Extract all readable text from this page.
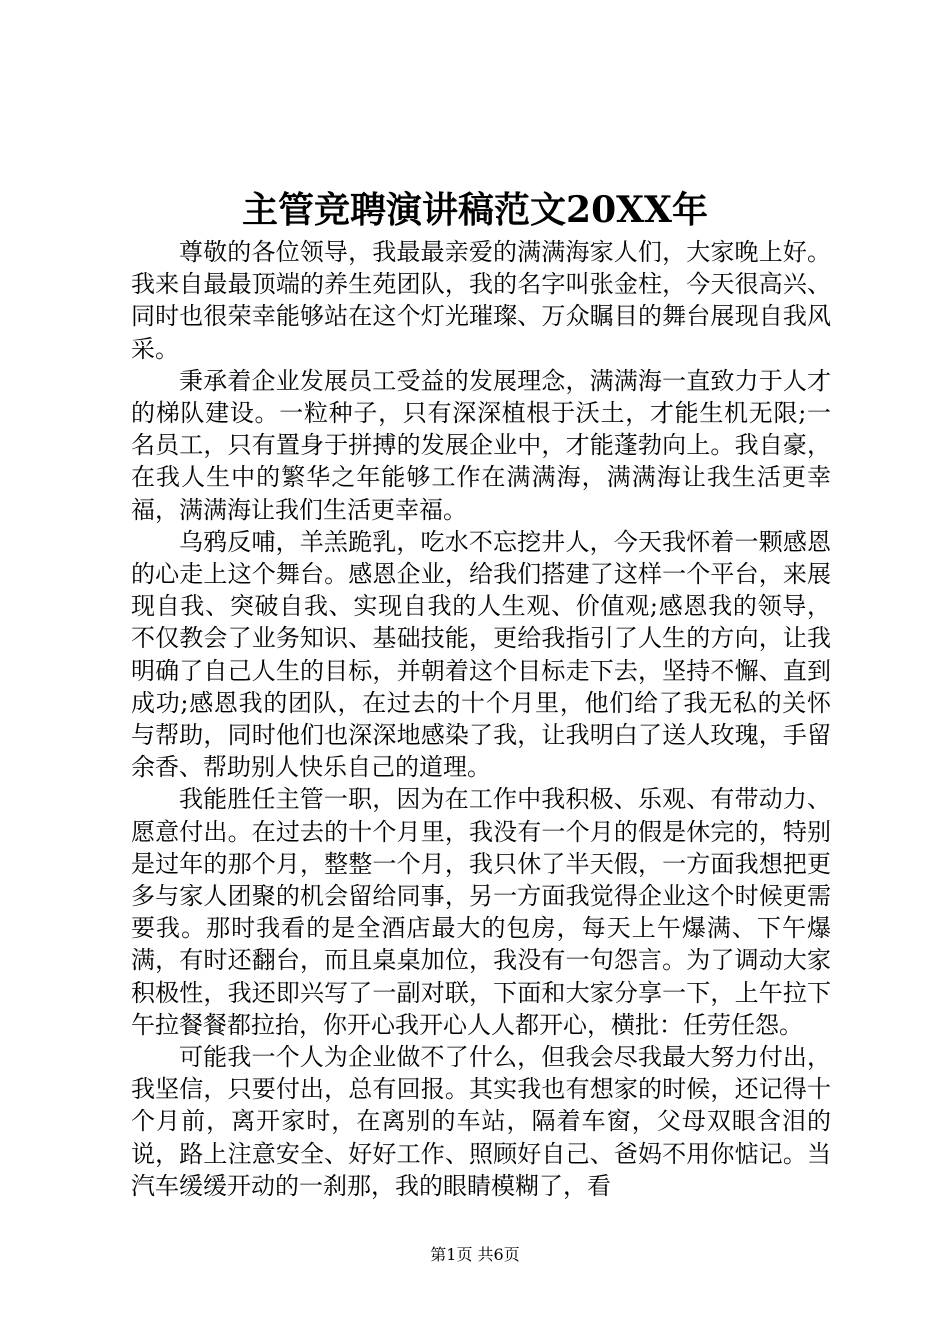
主管竞聘演讲稿范文20XX年

尊敬的各位领导，我最最亲爱的满满海家人们，大家晚上好。我来自最最顶端的养生苑团队，我的名字叫张金柱，今天很高兴、同时也很荣幸能够站在这个灯光璀璨、万众瞩目的舞台展现自我风采。

秉承着企业发展员工受益的发展理念，满满海一直致力于人才的梯队建设。一粒种子，只有深深植根于沃土，才能生机无限;一名员工，只有置身于拼搏的发展企业中，才能蓬勃向上。我自豪，在我人生中的繁华之年能够工作在满满海，满满海让我生活更幸福，满满海让我们生活更幸福。

乌鸦反哺，羊羔跪乳，吃水不忘挖井人，今天我怀着一颗感恩的心走上这个舞台。感恩企业，给我们搭建了这样一个平台，来展现自我、突破自我、实现自我的人生观、价值观;感恩我的领导，不仅教会了业务知识、基础技能，更给我指引了人生的方向，让我明确了自己人生的目标，并朝着这个目标走下去，坚持不懈、直到成功;感恩我的团队，在过去的十个月里，他们给了我无私的关怀与帮助，同时他们也深深地感染了我，让我明白了送人玫瑰，手留余香、帮助别人快乐自己的道理。

我能胜任主管一职，因为在工作中我积极、乐观、有带动力、愿意付出。在过去的十个月里，我没有一个月的假是休完的，特别是过年的那个月，整整一个月，我只休了半天假，一方面我想把更多与家人团聚的机会留给同事，另一方面我觉得企业这个时候更需要我。那时我看的是全酒店最大的包房，每天上午爆满、下午爆满，有时还翻台，而且桌桌加位，我没有一句怨言。为了调动大家积极性，我还即兴写了一副对联，下面和大家分享一下，上午拉下午拉餐餐都拉抬，你开心我开心人人都开心，横批：任劳任怨。

可能我一个人为企业做不了什么，但我会尽我最大努力付出，我坚信，只要付出，总有回报。其实我也有想家的时候，还记得十个月前，离开家时，在离别的车站，隔着车窗，父母双眼含泪的说，路上注意安全、好好工作、照顾好自己、爸妈不用你惦记。当汽车缓缓开动的一刹那，我的眼睛模糊了，看

第1页 共6页
